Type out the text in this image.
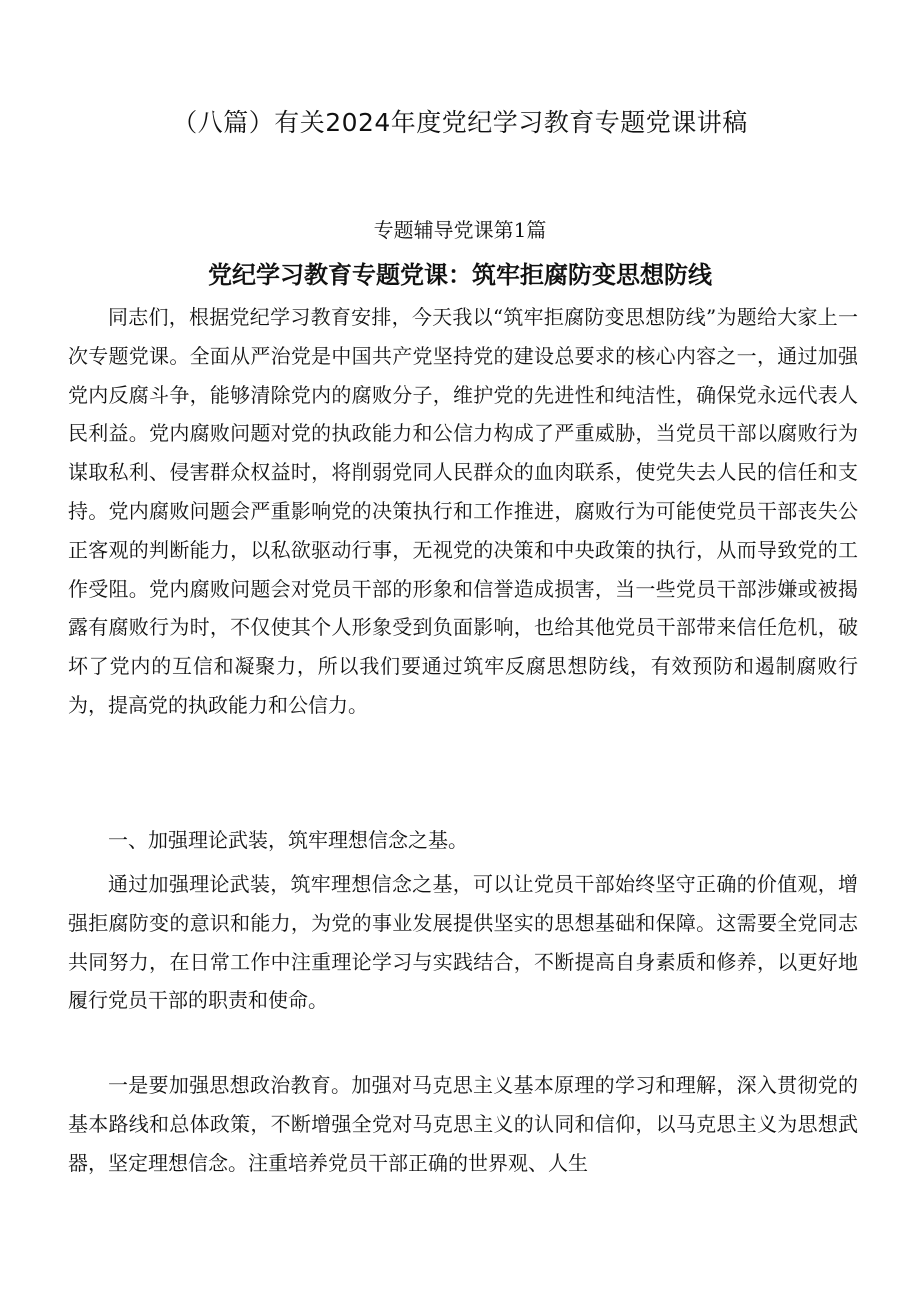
（八篇）有关2024年度党纪学习教育专题党课讲稿
专题辅导党课第1篇
党纪学习教育专题党课：筑牢拒腐防变思想防线

同志们，根据党纪学习教育安排，今天我以“筑牢拒腐防变思想防线”为题给大家上一次专题党课。全面从严治党是中国共产党坚持党的建设总要求的核心内容之一，通过加强党内反腐斗争，能够清除党内的腐败分子，维护党的先进性和纯洁性，确保党永远代表人民利益。党内腐败问题对党的执政能力和公信力构成了严重威胁，当党员干部以腐败行为谋取私利、侵害群众权益时，将削弱党同人民群众的血肉联系，使党失去人民的信任和支持。党内腐败问题会严重影响党的决策执行和工作推进，腐败行为可能使党员干部丧失公正客观的判断能力，以私欲驱动行事，无视党的决策和中央政策的执行，从而导致党的工作受阻。党内腐败问题会对党员干部的形象和信誉造成损害，当一些党员干部涉嫌或被揭露有腐败行为时，不仅使其个人形象受到负面影响，也给其他党员干部带来信任危机，破坏了党内的互信和凝聚力，所以我们要通过筑牢反腐思想防线，有效预防和遏制腐败行为，提高党的执政能力和公信力。

一、加强理论武装，筑牢理想信念之基。

通过加强理论武装，筑牢理想信念之基，可以让党员干部始终坚守正确的价值观，增强拒腐防变的意识和能力，为党的事业发展提供坚实的思想基础和保障。这需要全党同志共同努力，在日常工作中注重理论学习与实践结合，不断提高自身素质和修养，以更好地履行党员干部的职责和使命。

一是要加强思想政治教育。加强对马克思主义基本原理的学习和理解，深入贯彻党的基本路线和总体政策，不断增强全党对马克思主义的认同和信仰，以马克思主义为思想武器，坚定理想信念。注重培养党员干部正确的世界观、人生
